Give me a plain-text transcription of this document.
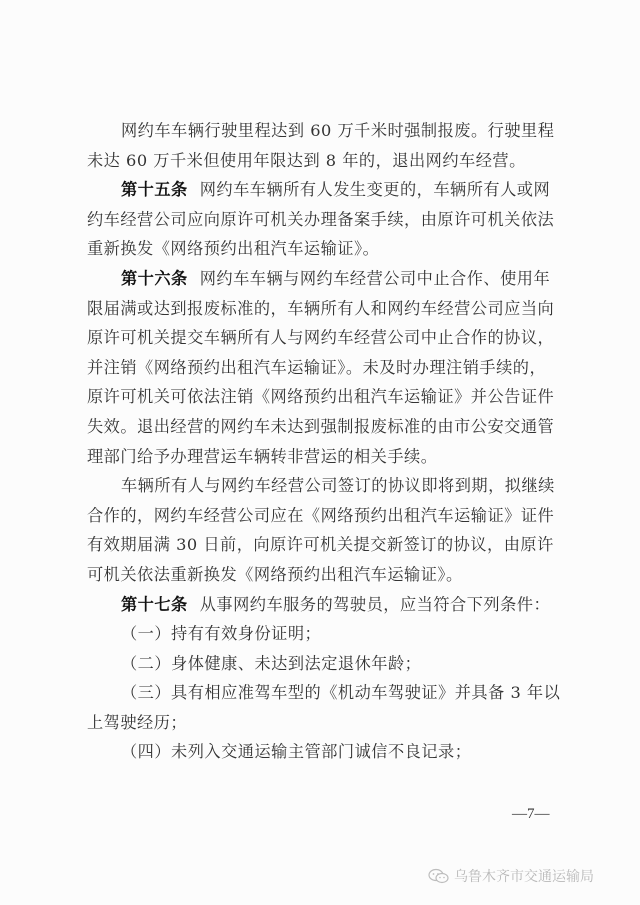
网约车车辆行驶里程达到 60 万千米时强制报废。行驶里程
未达 60 万千米但使用年限达到 8 年的，退出网约车经营。
第十五条 网约车车辆所有人发生变更的，车辆所有人或网
约车经营公司应向原许可机关办理备案手续，由原许可机关依法
重新换发《网络预约出租汽车运输证》。
第十六条 网约车车辆与网约车经营公司中止合作、使用年
限届满或达到报废标准的，车辆所有人和网约车经营公司应当向
原许可机关提交车辆所有人与网约车经营公司中止合作的协议，
并注销《网络预约出租汽车运输证》。未及时办理注销手续的，
原许可机关可依法注销《网络预约出租汽车运输证》并公告证件
失效。退出经营的网约车未达到强制报废标准的由市公安交通管
理部门给予办理营运车辆转非营运的相关手续。
车辆所有人与网约车经营公司签订的协议即将到期，拟继续
合作的，网约车经营公司应在《网络预约出租汽车运输证》证件
有效期届满 30 日前，向原许可机关提交新签订的协议，由原许
可机关依法重新换发《网络预约出租汽车运输证》。
第十七条 从事网约车服务的驾驶员，应当符合下列条件：
（一）持有有效身份证明；
（二）身体健康、未达到法定退休年龄；
（三）具有相应准驾车型的《机动车驾驶证》并具备 3 年以
上驾驶经历；
（四）未列入交通运输主管部门诚信不良记录；
—7—
乌鲁木齐市交通运输局
